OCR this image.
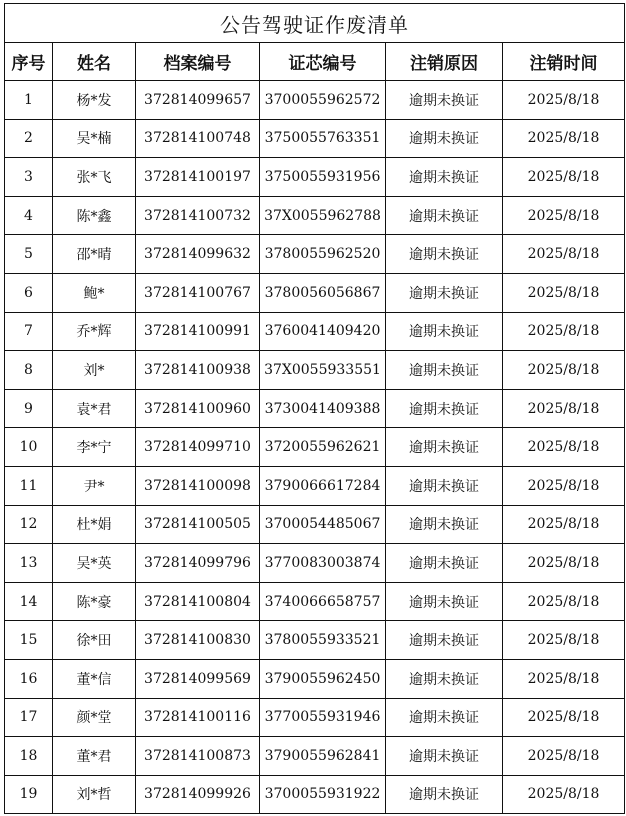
公告驾驶证作废清单					
序号	姓名	档案编号	证芯编号	注销原因	注销时间
1	杨*发	372814099657	3700055962572	逾期未换证	2025/8/18
2	吴*楠	372814100748	3750055763351	逾期未换证	2025/8/18
3	张*飞	372814100197	3750055931956	逾期未换证	2025/8/18
4	陈*鑫	372814100732	37X0055962788	逾期未换证	2025/8/18
5	邵*晴	372814099632	3780055962520	逾期未换证	2025/8/18
6	鲍*	372814100767	3780056056867	逾期未换证	2025/8/18
7	乔*辉	372814100991	3760041409420	逾期未换证	2025/8/18
8	刘*	372814100938	37X0055933551	逾期未换证	2025/8/18
9	袁*君	372814100960	3730041409388	逾期未换证	2025/8/18
10	李*宁	372814099710	3720055962621	逾期未换证	2025/8/18
11	尹*	372814100098	3790066617284	逾期未换证	2025/8/18
12	杜*娟	372814100505	3700054485067	逾期未换证	2025/8/18
13	吴*英	372814099796	3770083003874	逾期未换证	2025/8/18
14	陈*豪	372814100804	3740066658757	逾期未换证	2025/8/18
15	徐*田	372814100830	3780055933521	逾期未换证	2025/8/18
16	董*信	372814099569	3790055962450	逾期未换证	2025/8/18
17	颜*堂	372814100116	3770055931946	逾期未换证	2025/8/18
18	董*君	372814100873	3790055962841	逾期未换证	2025/8/18
19	刘*哲	372814099926	3700055931922	逾期未换证	2025/8/18
